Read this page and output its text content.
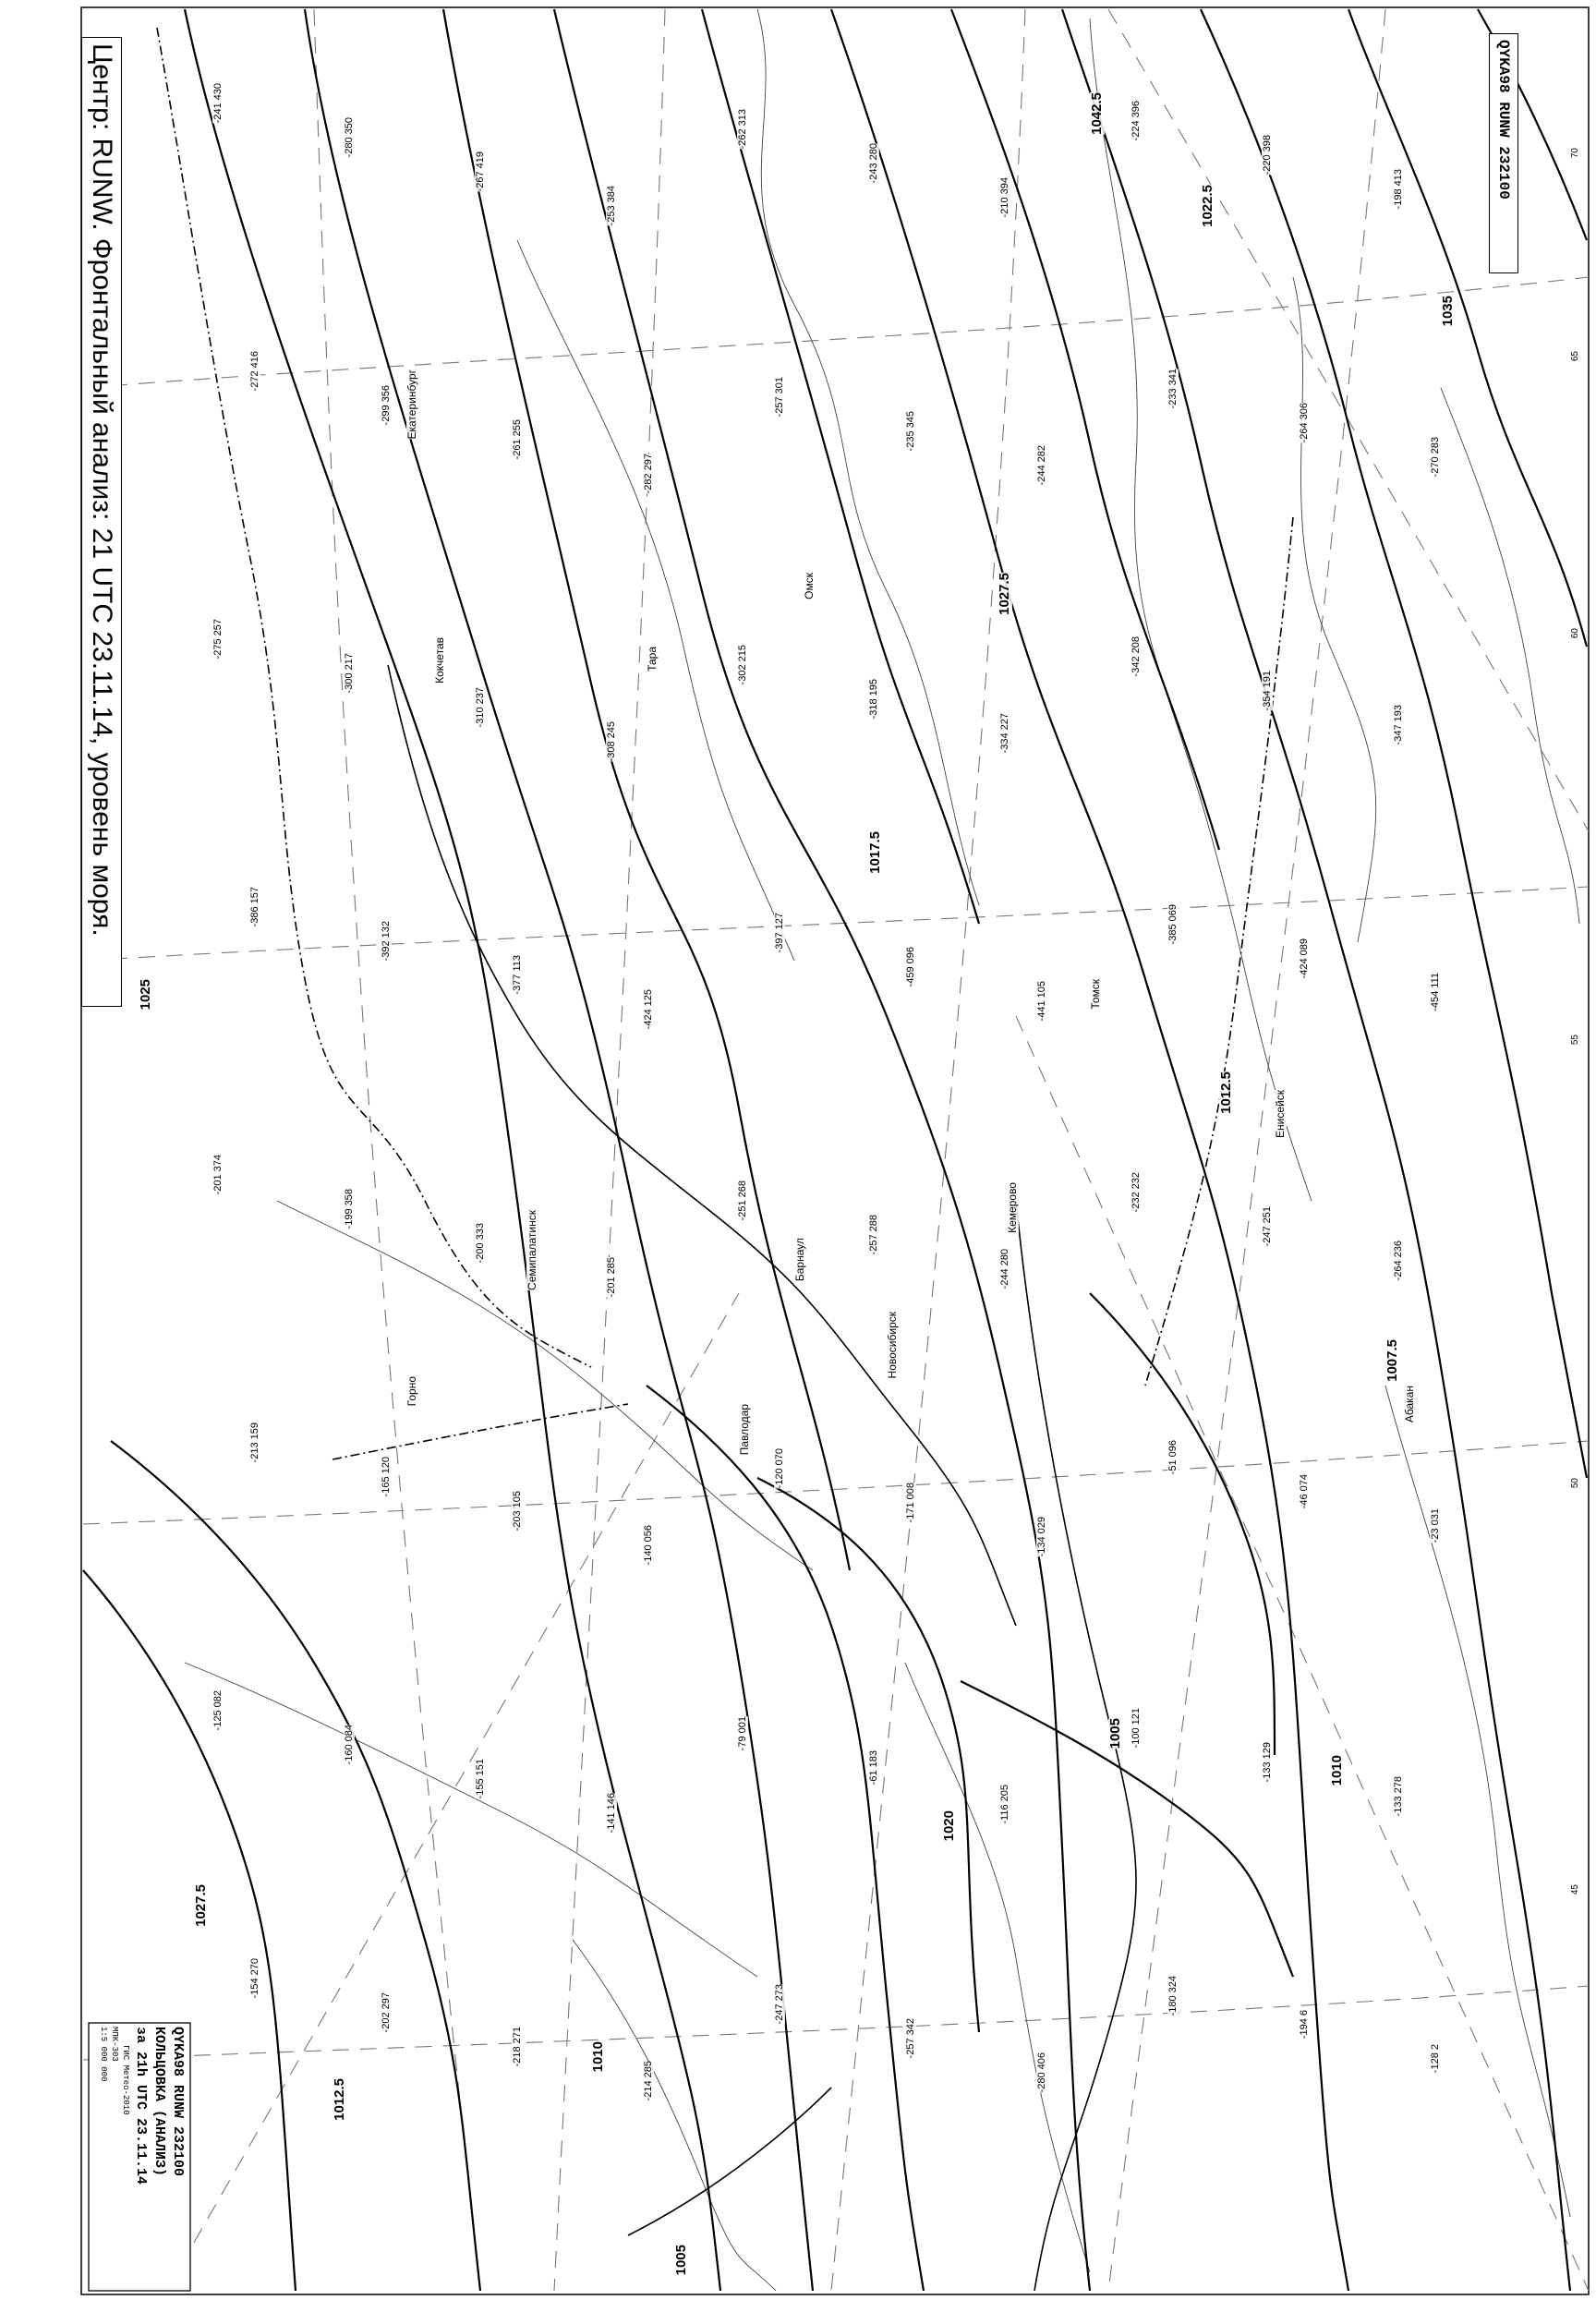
Центр: RUNW. Фронтальный анализ: 21 UTC 23.11.14, уровень моря.	QYKA98 RUNW 232100
QYKA98 RUNW 232100
КОЛЬЦОВКА (АНАЛИЗ)
за 21h UTC 23.11.14
ГИС Метео-2010
МПК-303
1:5 000 000
1042.5
1035
1027.5
1022.5
1017.5
1012.5
1010
1007.5
1005
1020
1025
1027.5
1012.5
1010
1005
Омск
Новосибирск
Барнаул
Тара
Томск
Кокчетав
Павлодар
Горно
Енисейск
Абакан
Кемерово
Екатеринбург
Семипалатинск
-241 430
-280 350
-267 419
-253 384
-262 313
-243 280
-210 394
-224 396
-220 398
-198 413
-272 416
-299 356
-261 255
-282 297
-257 301
-235 345
-244 282
-233 341
-264 306
-270 283
-275 257
-300 217
-310 237
-308 245
-302 215
-318 195
-334 227
-342 208
-354 191
-347 193
-386 157
-392 132
-377 113
-424 125
-397 127
-459 096
-441 105
-385 069
-424 089
-454 111
-201 374
-199 358
-200 333
-201 285
-251 268
-257 288
-244 280
-232 232
-247 251
-264 236
-213 159
-165 120
-203 105
-140 056
-120 070
-171 008
-134 029
-51 096
-46 074
-23 031
-125 082
-160 084
-155 151
-141 146
-79 001
-61 183
-116 205
-100 121
-133 129
-133 278
-154 270
-202 297
-218 271
-214 285
-247 273
-257 342
-280 406
-180 324
-194 6
-128 2
60
55
50
45
70
65
